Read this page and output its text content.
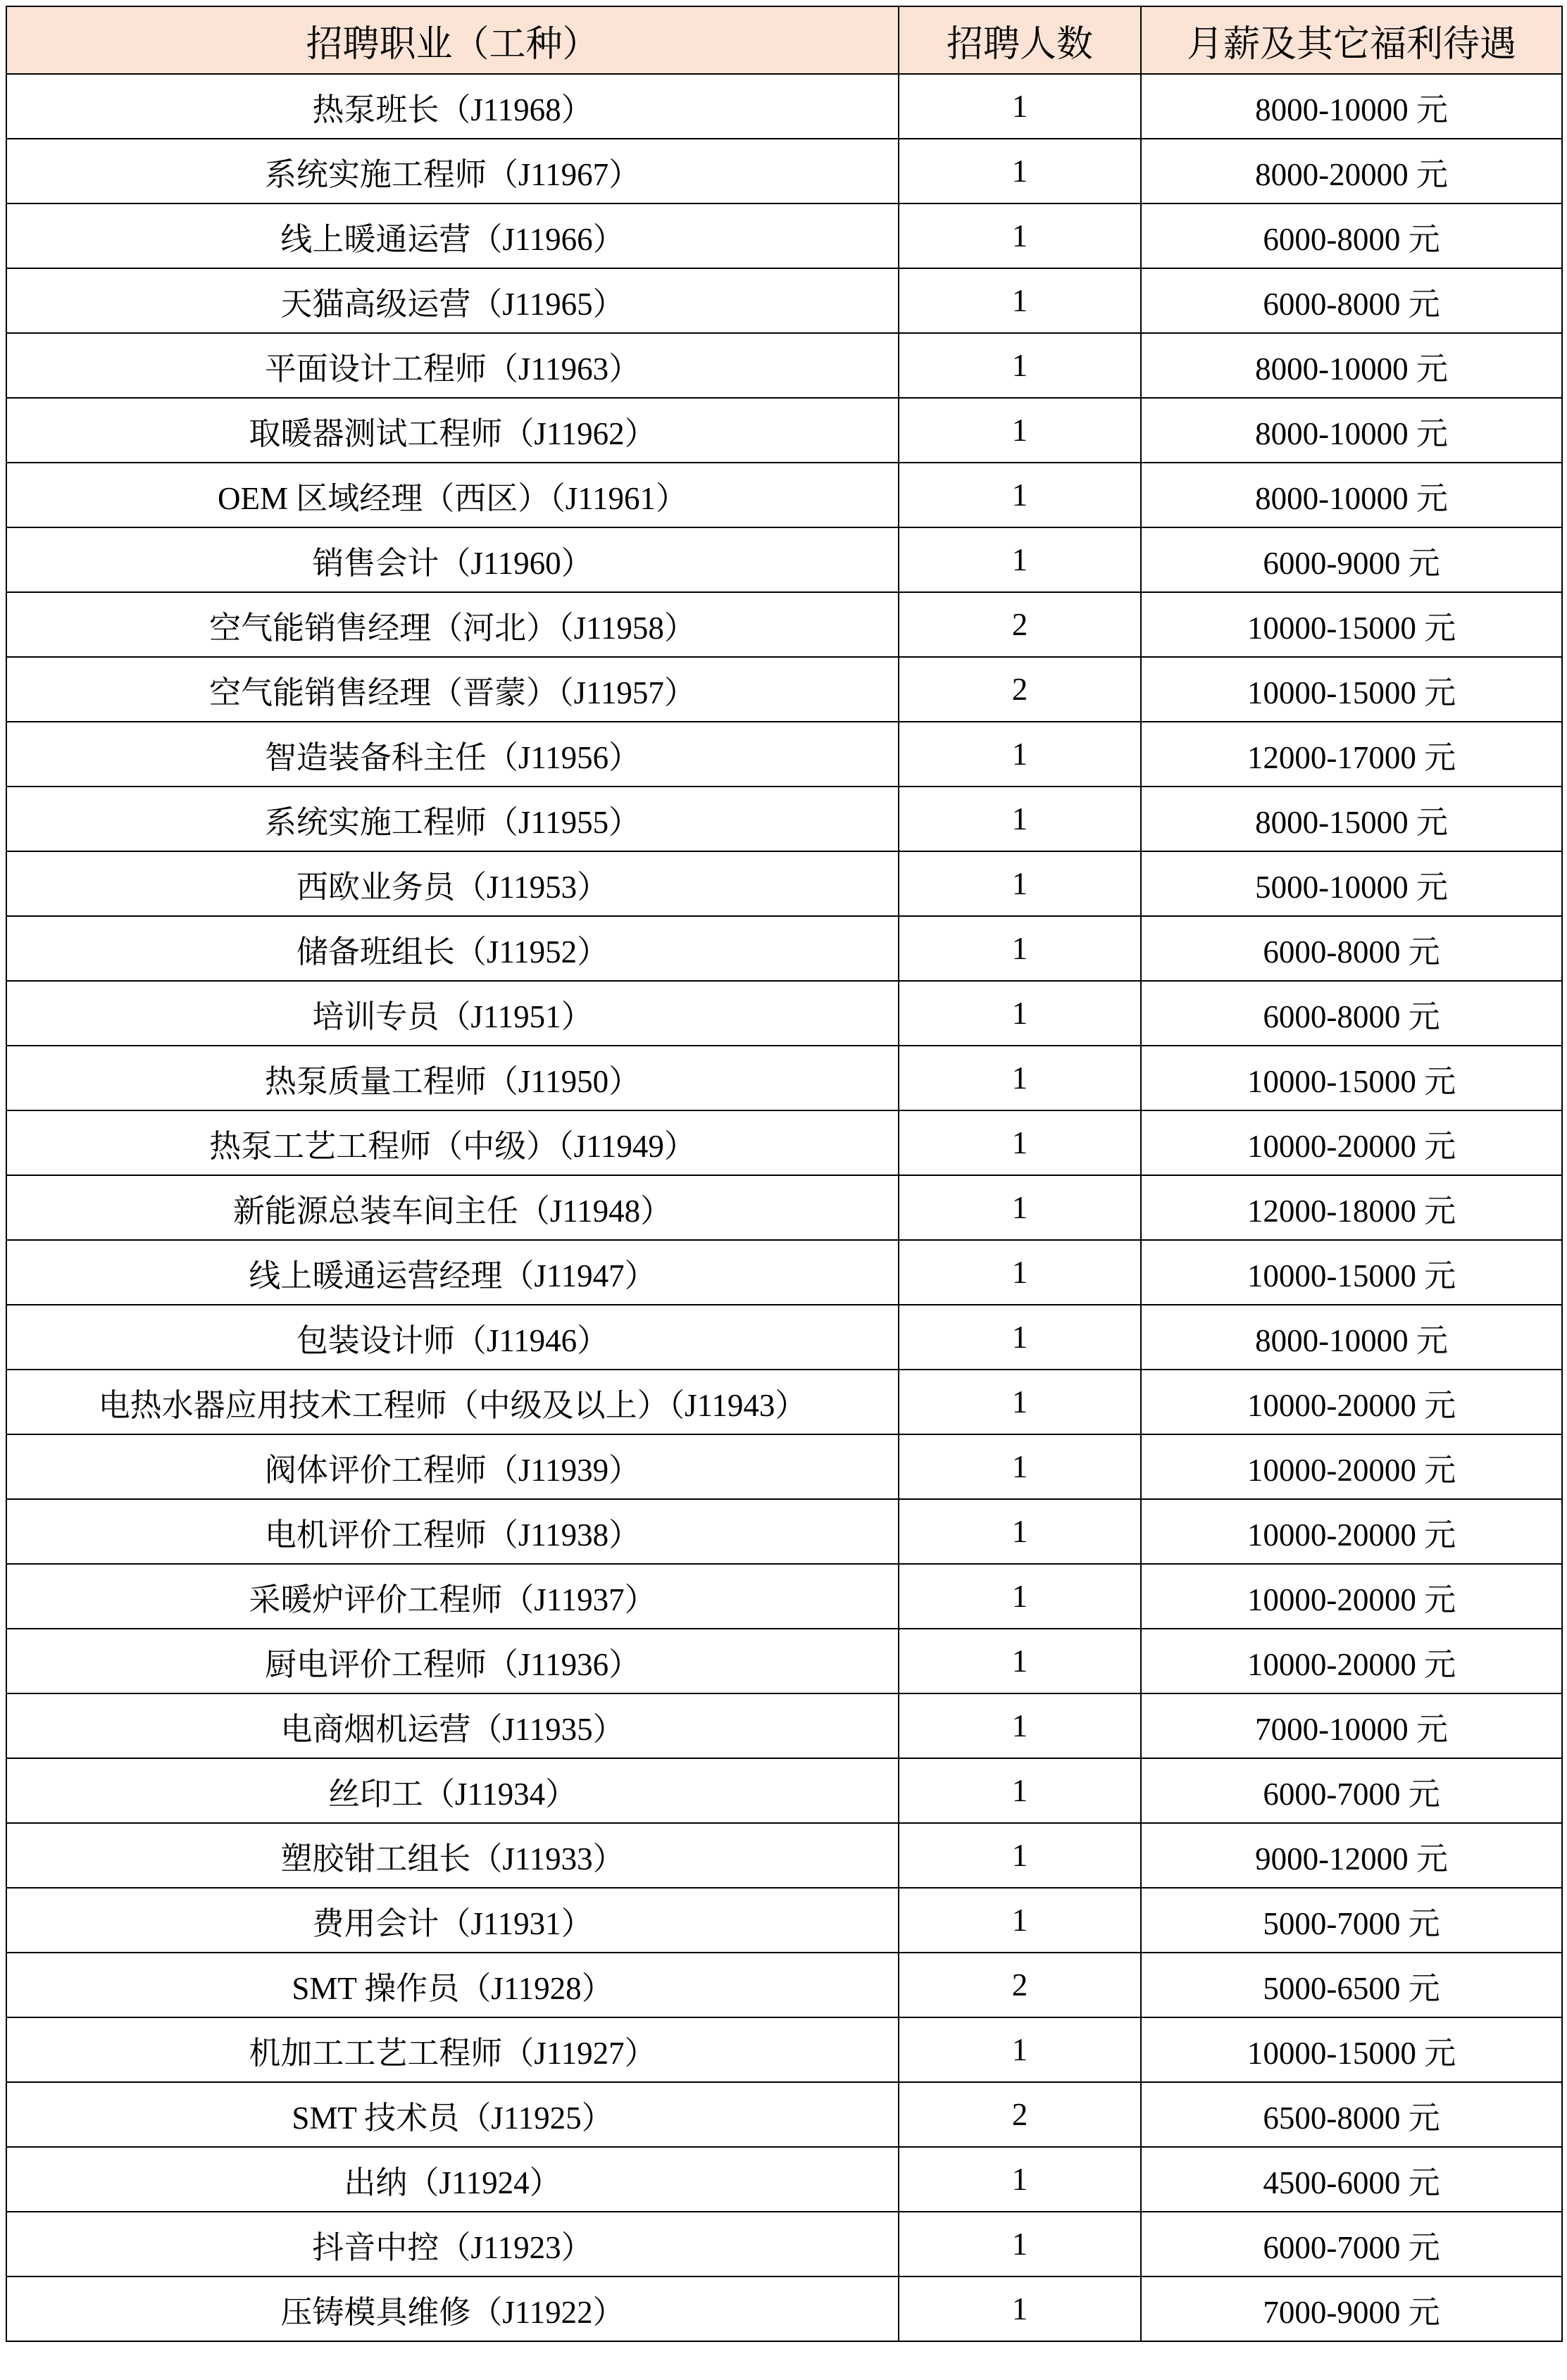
招聘职业（工种）	招聘人数	月薪及其它福利待遇
热泵班长（J11968）	1	8000-10000 元
系统实施工程师（J11967）	1	8000-20000 元
线上暖通运营（J11966）	1	6000-8000 元
天猫高级运营（J11965）	1	6000-8000 元
平面设计工程师（J11963）	1	8000-10000 元
取暖器测试工程师（J11962）	1	8000-10000 元
OEM 区域经理（西区）（J11961）	1	8000-10000 元
销售会计（J11960）	1	6000-9000 元
空气能销售经理（河北）（J11958）	2	10000-15000 元
空气能销售经理（晋蒙）（J11957）	2	10000-15000 元
智造装备科主任（J11956）	1	12000-17000 元
系统实施工程师（J11955）	1	8000-15000 元
西欧业务员（J11953）	1	5000-10000 元
储备班组长（J11952）	1	6000-8000 元
培训专员（J11951）	1	6000-8000 元
热泵质量工程师（J11950）	1	10000-15000 元
热泵工艺工程师（中级）（J11949）	1	10000-20000 元
新能源总装车间主任（J11948）	1	12000-18000 元
线上暖通运营经理（J11947）	1	10000-15000 元
包装设计师（J11946）	1	8000-10000 元
电热水器应用技术工程师（中级及以上）（J11943）	1	10000-20000 元
阀体评价工程师（J11939）	1	10000-20000 元
电机评价工程师（J11938）	1	10000-20000 元
采暖炉评价工程师（J11937）	1	10000-20000 元
厨电评价工程师（J11936）	1	10000-20000 元
电商烟机运营（J11935）	1	7000-10000 元
丝印工（J11934）	1	6000-7000 元
塑胶钳工组长（J11933）	1	9000-12000 元
费用会计（J11931）	1	5000-7000 元
SMT 操作员（J11928）	2	5000-6500 元
机加工工艺工程师（J11927）	1	10000-15000 元
SMT 技术员（J11925）	2	6500-8000 元
出纳（J11924）	1	4500-6000 元
抖音中控（J11923）	1	6000-7000 元
压铸模具维修（J11922）	1	7000-9000 元
